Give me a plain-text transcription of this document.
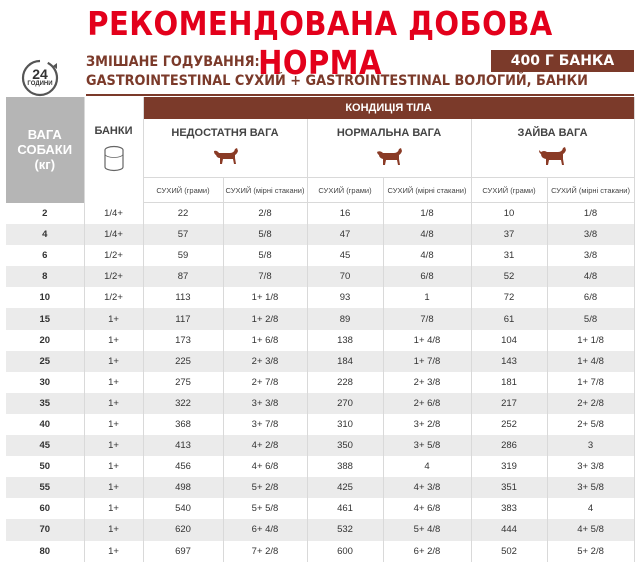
РЕКОМЕНДОВАНА ДОБОВА НОРМА
24
ГОДИНИ
ЗМІШАНЕ ГОДУВАННЯ:
GASTROINTESTINAL СУХИЙ + GASTROINTESTINAL ВОЛОГИЙ, БАНКИ
400 Г БАНКА
ВАГА
СОБАКИ
(кг)	БАНКИ	КОНДИЦІЯ ТІЛА					

		НЕДОСТАТНЯ ВАГА		НОРМАЛЬНА ВАГА		ЗАЙВА ВАГА	

		СУХИЙ (грами)	СУХИЙ (мірні стакани)	СУХИЙ (грами)	СУХИЙ (мірні стакани)	СУХИЙ (грами)	СУХИЙ (мірні стакани)
2	1/4+	22	2/8	16	1/8	10	1/8
4	1/4+	57	5/8	47	4/8	37	3/8
6	1/2+	59	5/8	45	4/8	31	3/8
8	1/2+	87	7/8	70	6/8	52	4/8
10	1/2+	113	1+ 1/8	93	1	72	6/8
15	1+	117	1+ 2/8	89	7/8	61	5/8
20	1+	173	1+ 6/8	138	1+ 4/8	104	1+ 1/8
25	1+	225	2+ 3/8	184	1+ 7/8	143	1+ 4/8
30	1+	275	2+ 7/8	228	2+ 3/8	181	1+ 7/8
35	1+	322	3+ 3/8	270	2+ 6/8	217	2+ 2/8
40	1+	368	3+ 7/8	310	3+ 2/8	252	2+ 5/8
45	1+	413	4+ 2/8	350	3+ 5/8	286	3
50	1+	456	4+ 6/8	388	4	319	3+ 3/8
55	1+	498	5+ 2/8	425	4+ 3/8	351	3+ 5/8
60	1+	540	5+ 5/8	461	4+ 6/8	383	4
70	1+	620	6+ 4/8	532	5+ 4/8	444	4+ 5/8
80	1+	697	7+ 2/8	600	6+ 2/8	502	5+ 2/8
